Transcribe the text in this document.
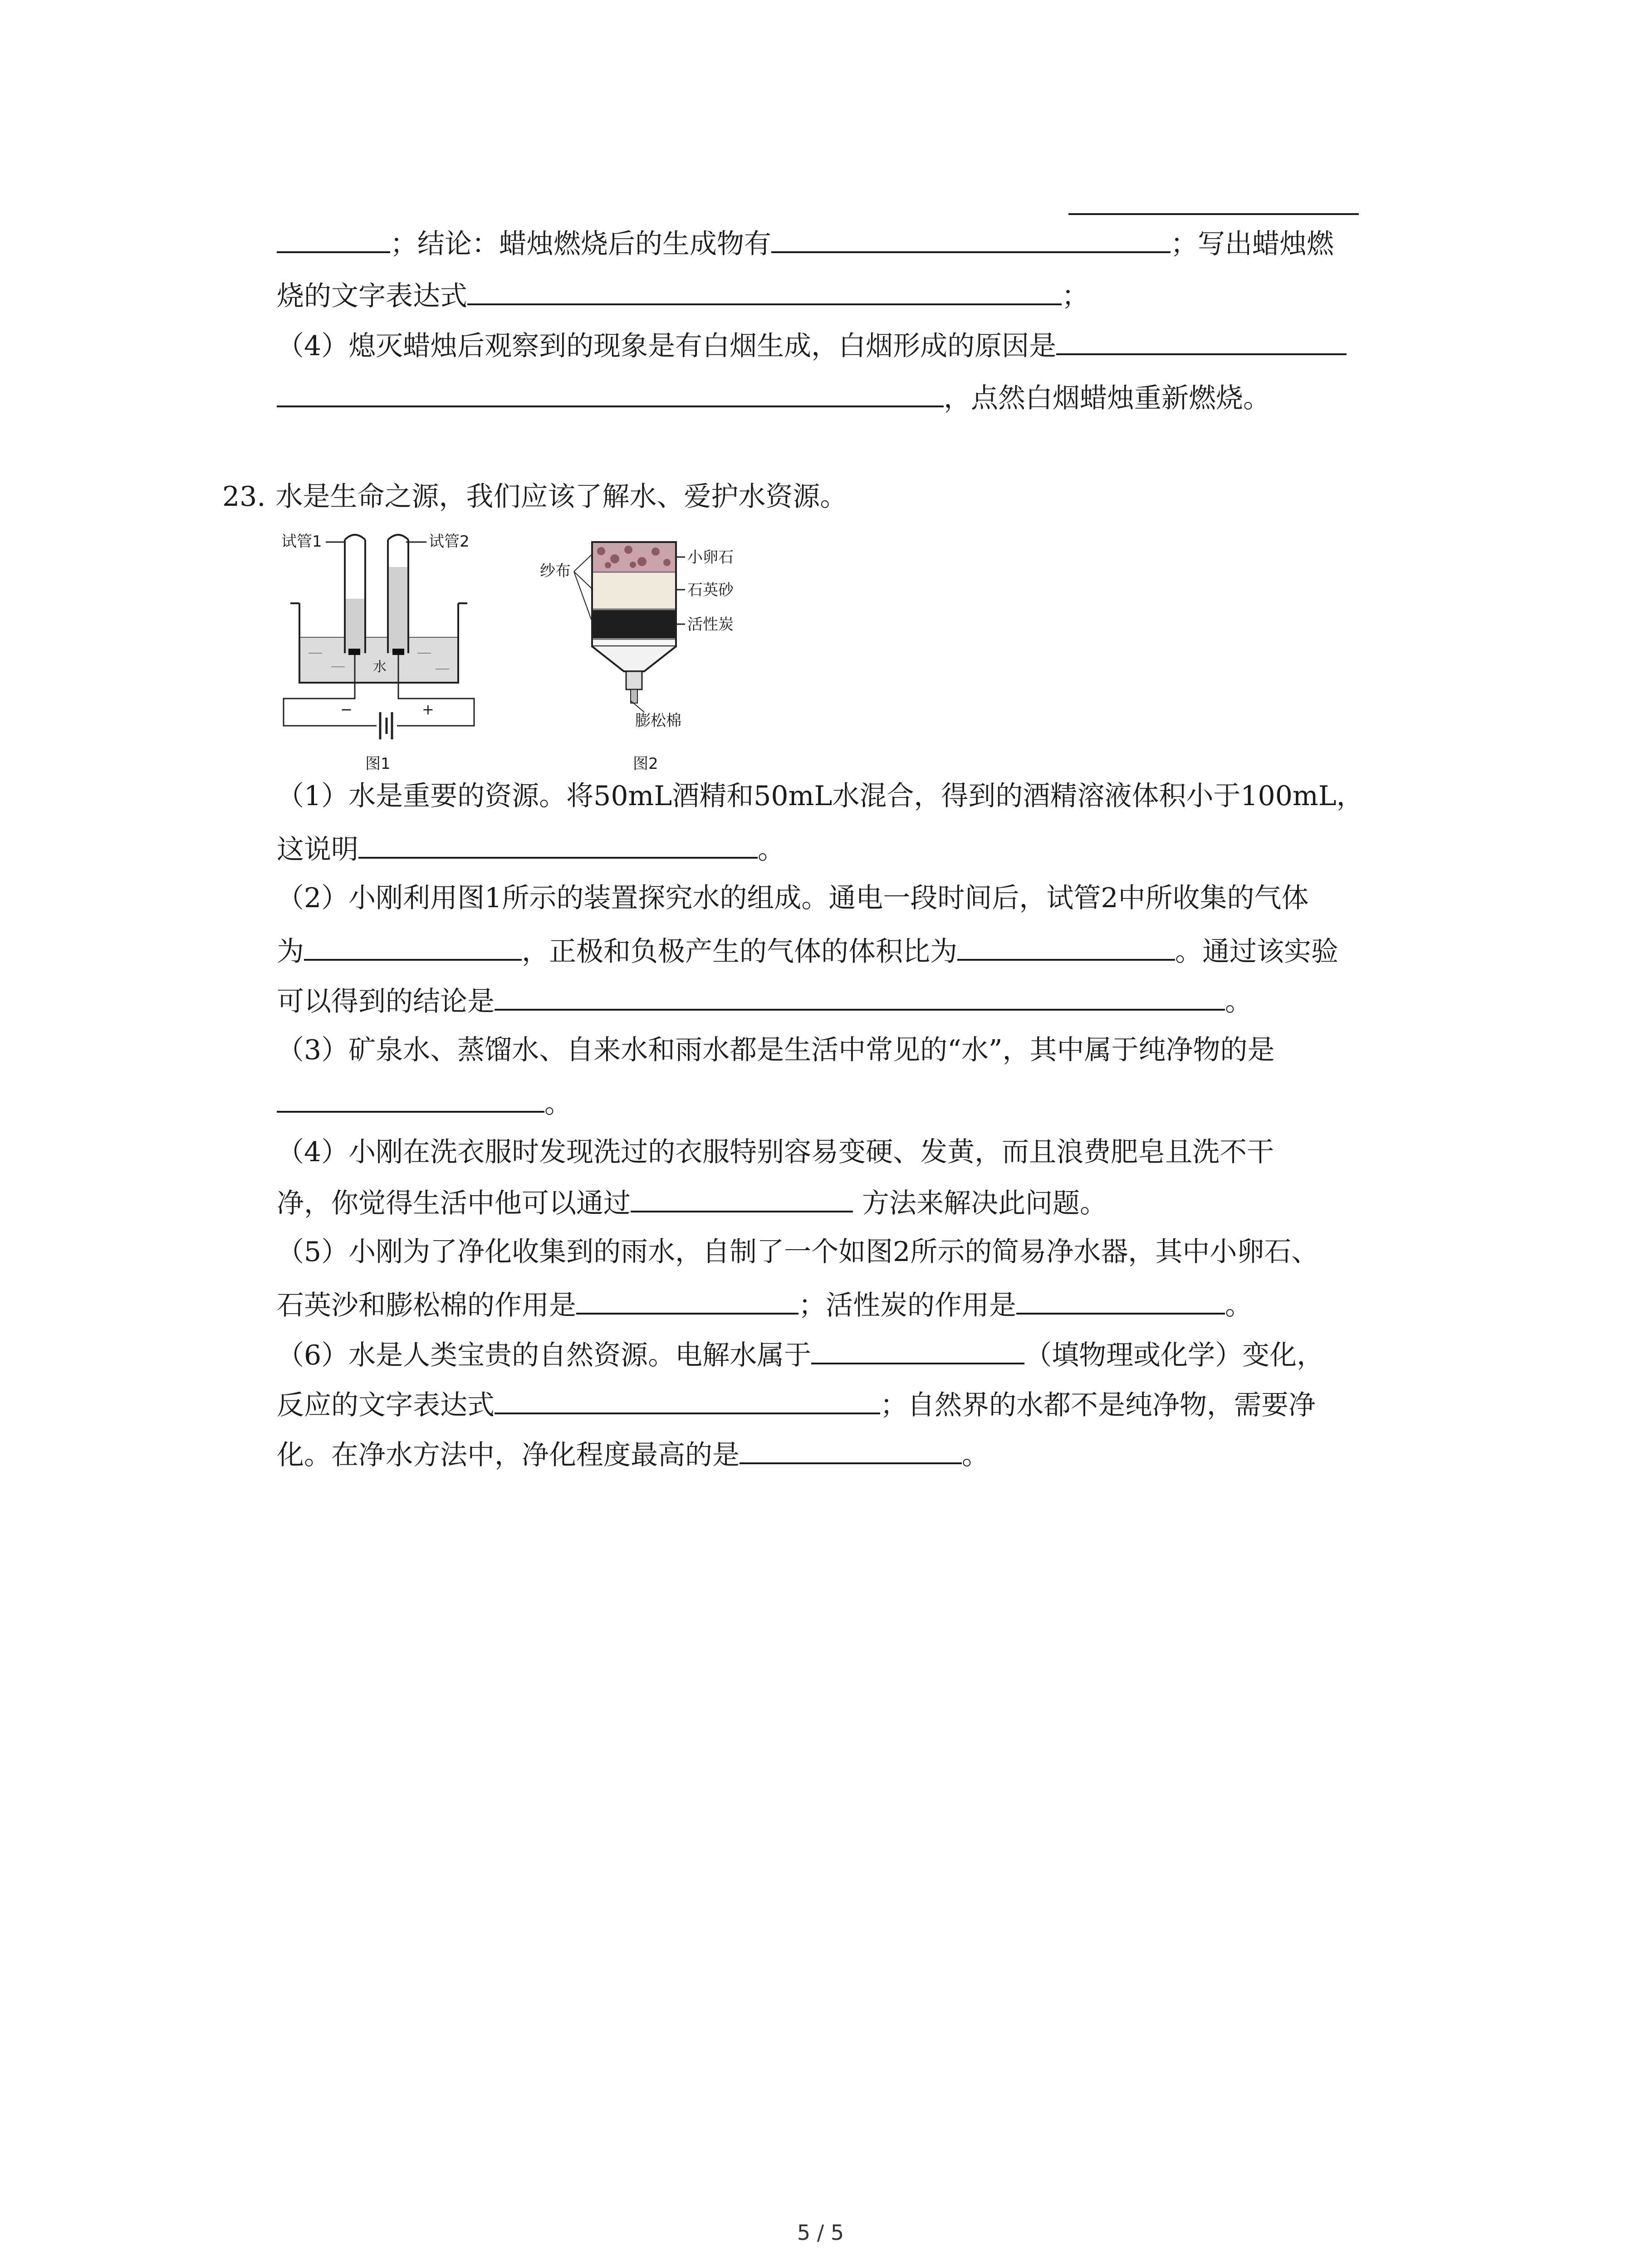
；结论：蜡烛燃烧后的生成物有	；写出蜡烛燃
烧的文字表达式	；
（4）熄灭蜡烛后观察到的现象是有白烟生成，白烟形成的原因是
，点然白烟蜡烛重新燃烧。
23. 水是生命之源，我们应该了解水、爱护水资源。
试管1	试管2
水
−	+
图1
小卵石
石英砂
活性炭
纱布
膨松棉
图2
（1）水是重要的资源。将50mL酒精和50mL水混合，得到的酒精溶液体积小于100mL，
这说明	。
（2）小刚利用图1所示的装置探究水的组成。通电一段时间后，试管2中所收集的气体
为	，正极和负极产生的气体的体积比为	。通过该实验
可以得到的结论是	。
（3）矿泉水、蒸馏水、自来水和雨水都是生活中常见的“水”，其中属于纯净物的是
。
（4）小刚在洗衣服时发现洗过的衣服特别容易变硬、发黄，而且浪费肥皂且洗不干
净，你觉得生活中他可以通过	方法来解决此问题。
（5）小刚为了净化收集到的雨水，自制了一个如图2所示的简易净水器，其中小卵石、
石英沙和膨松棉的作用是	；活性炭的作用是	。
（6）水是人类宝贵的自然资源。电解水属于	（填物理或化学）变化，
反应的文字表达式	；自然界的水都不是纯净物，需要净
化。在净水方法中，净化程度最高的是	。
5 / 5
